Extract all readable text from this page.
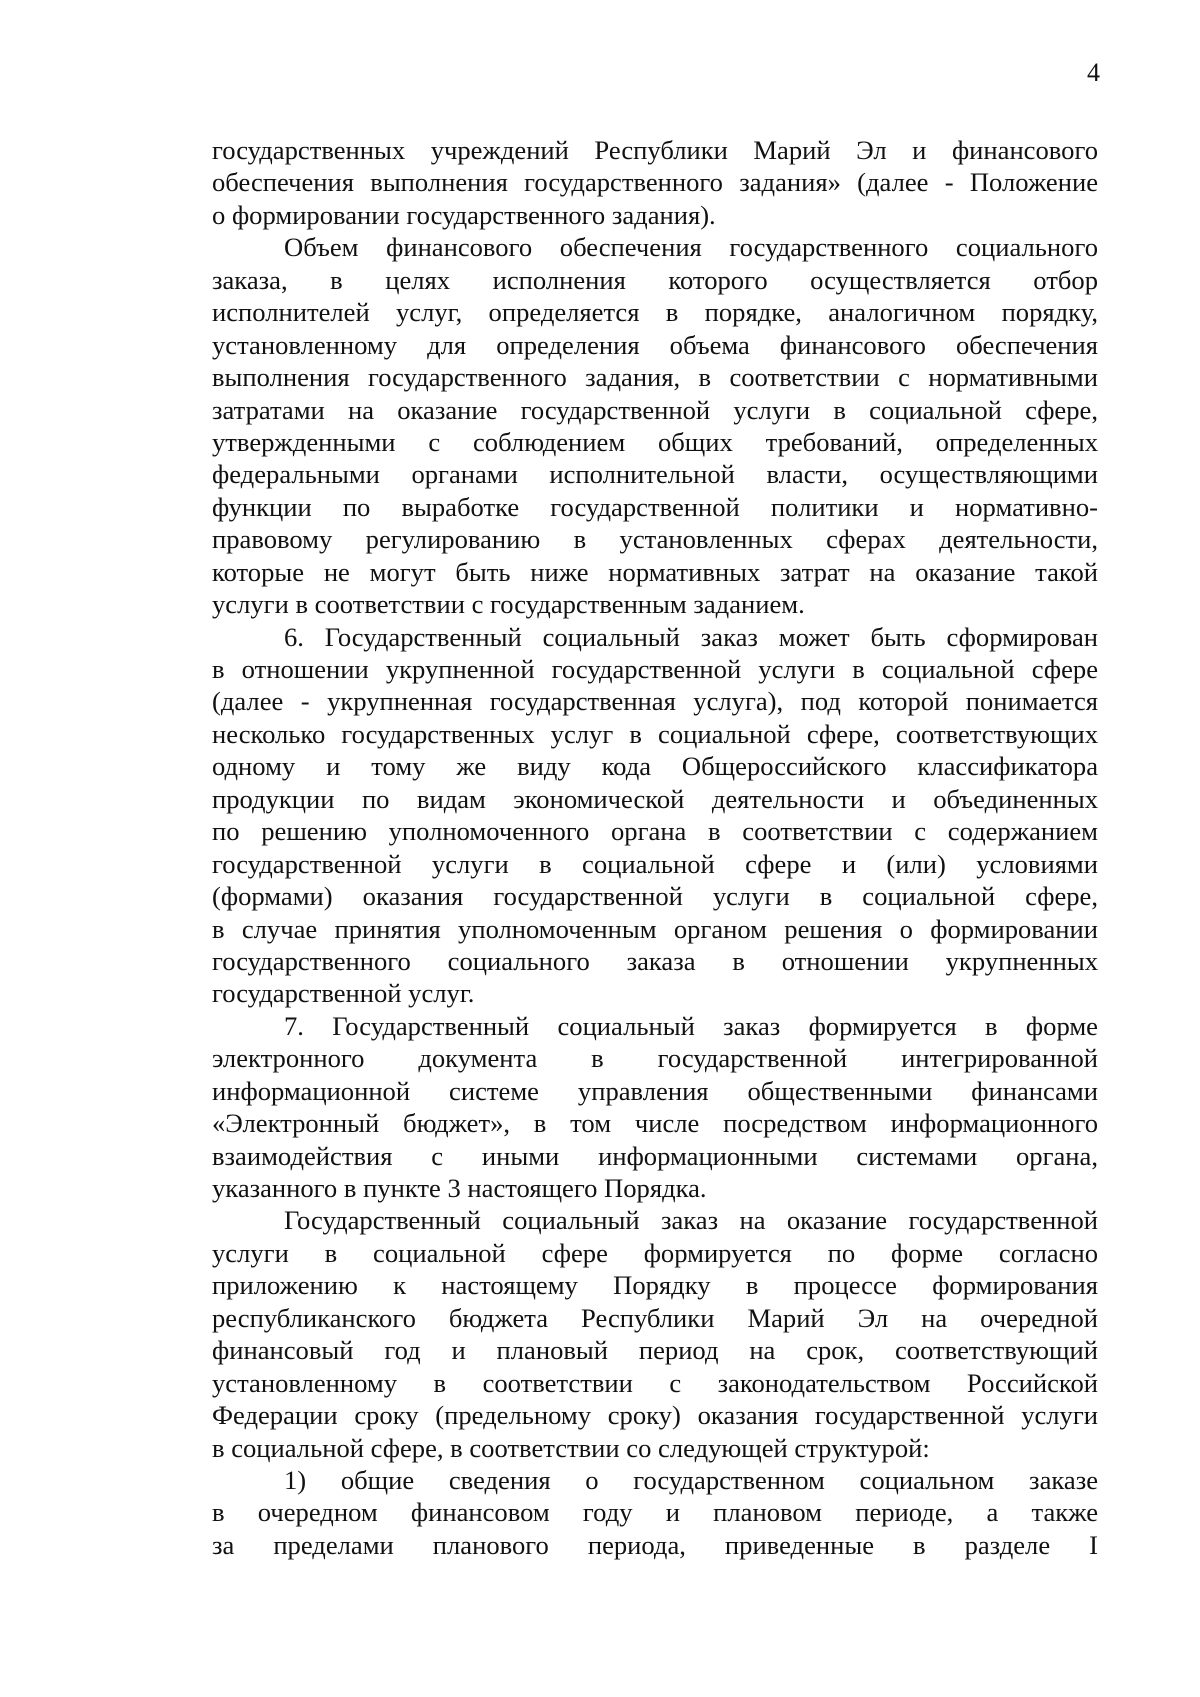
4
государственных учреждений Республики Марий Эл и финансового
обеспечения выполнения государственного задания» (далее - Положение
о формировании государственного задания).
Объем финансового обеспечения государственного социального
заказа, в целях исполнения которого осуществляется отбор
исполнителей услуг, определяется в порядке, аналогичном порядку,
установленному для определения объема финансового обеспечения
выполнения государственного задания, в соответствии с нормативными
затратами на оказание государственной услуги в социальной сфере,
утвержденными с соблюдением общих требований, определенных
федеральными органами исполнительной власти, осуществляющими
функции по выработке государственной политики и нормативно-
правовому регулированию в установленных сферах деятельности,
которые не могут быть ниже нормативных затрат на оказание такой
услуги в соответствии с государственным заданием.
6. Государственный социальный заказ может быть сформирован
в отношении укрупненной государственной услуги в социальной сфере
(далее - укрупненная государственная услуга), под которой понимается
несколько государственных услуг в социальной сфере, соответствующих
одному и тому же виду кода Общероссийского классификатора
продукции по видам экономической деятельности и объединенных
по решению уполномоченного органа в соответствии с содержанием
государственной услуги в социальной сфере и (или) условиями
(формами) оказания государственной услуги в социальной сфере,
в случае принятия уполномоченным органом решения о формировании
государственного социального заказа в отношении укрупненных
государственной услуг.
7. Государственный социальный заказ формируется в форме
электронного документа в государственной интегрированной
информационной системе управления общественными финансами
«Электронный бюджет», в том числе посредством информационного
взаимодействия с иными информационными системами органа,
указанного в пункте 3 настоящего Порядка.
Государственный социальный заказ на оказание государственной
услуги в социальной сфере формируется по форме согласно
приложению к настоящему Порядку в процессе формирования
республиканского бюджета Республики Марий Эл на очередной
финансовый год и плановый период на срок, соответствующий
установленному в соответствии с законодательством Российской
Федерации сроку (предельному сроку) оказания государственной услуги
в социальной сфере, в соответствии со следующей структурой:
1) общие сведения о государственном социальном заказе
в очередном финансовом году и плановом периоде, а также
за пределами планового периода, приведенные в разделе I
